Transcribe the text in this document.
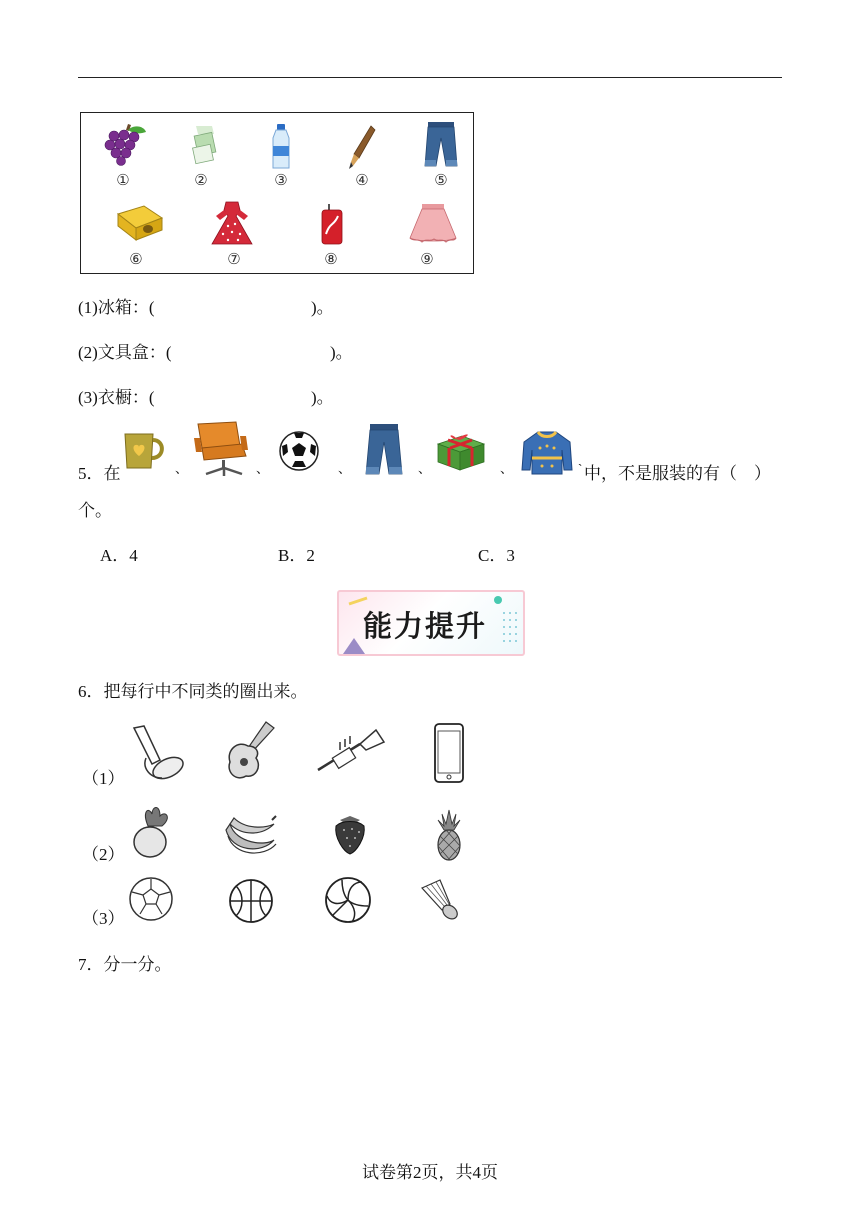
①	②	③	④	⑤
⑥	⑦	⑧	⑨
(1)冰箱：(	)。
(2)文具盒：(	)。
(3)衣橱：(	)。
5．在	、	、	、	、	、	` 中，不是服装的有（　）
个。
A．4	B．2	C．3
能力提升
6．把每行中不同类的圈出来。
（1）
（2）
（3）
7．分一分。
试卷第2页，共4页
